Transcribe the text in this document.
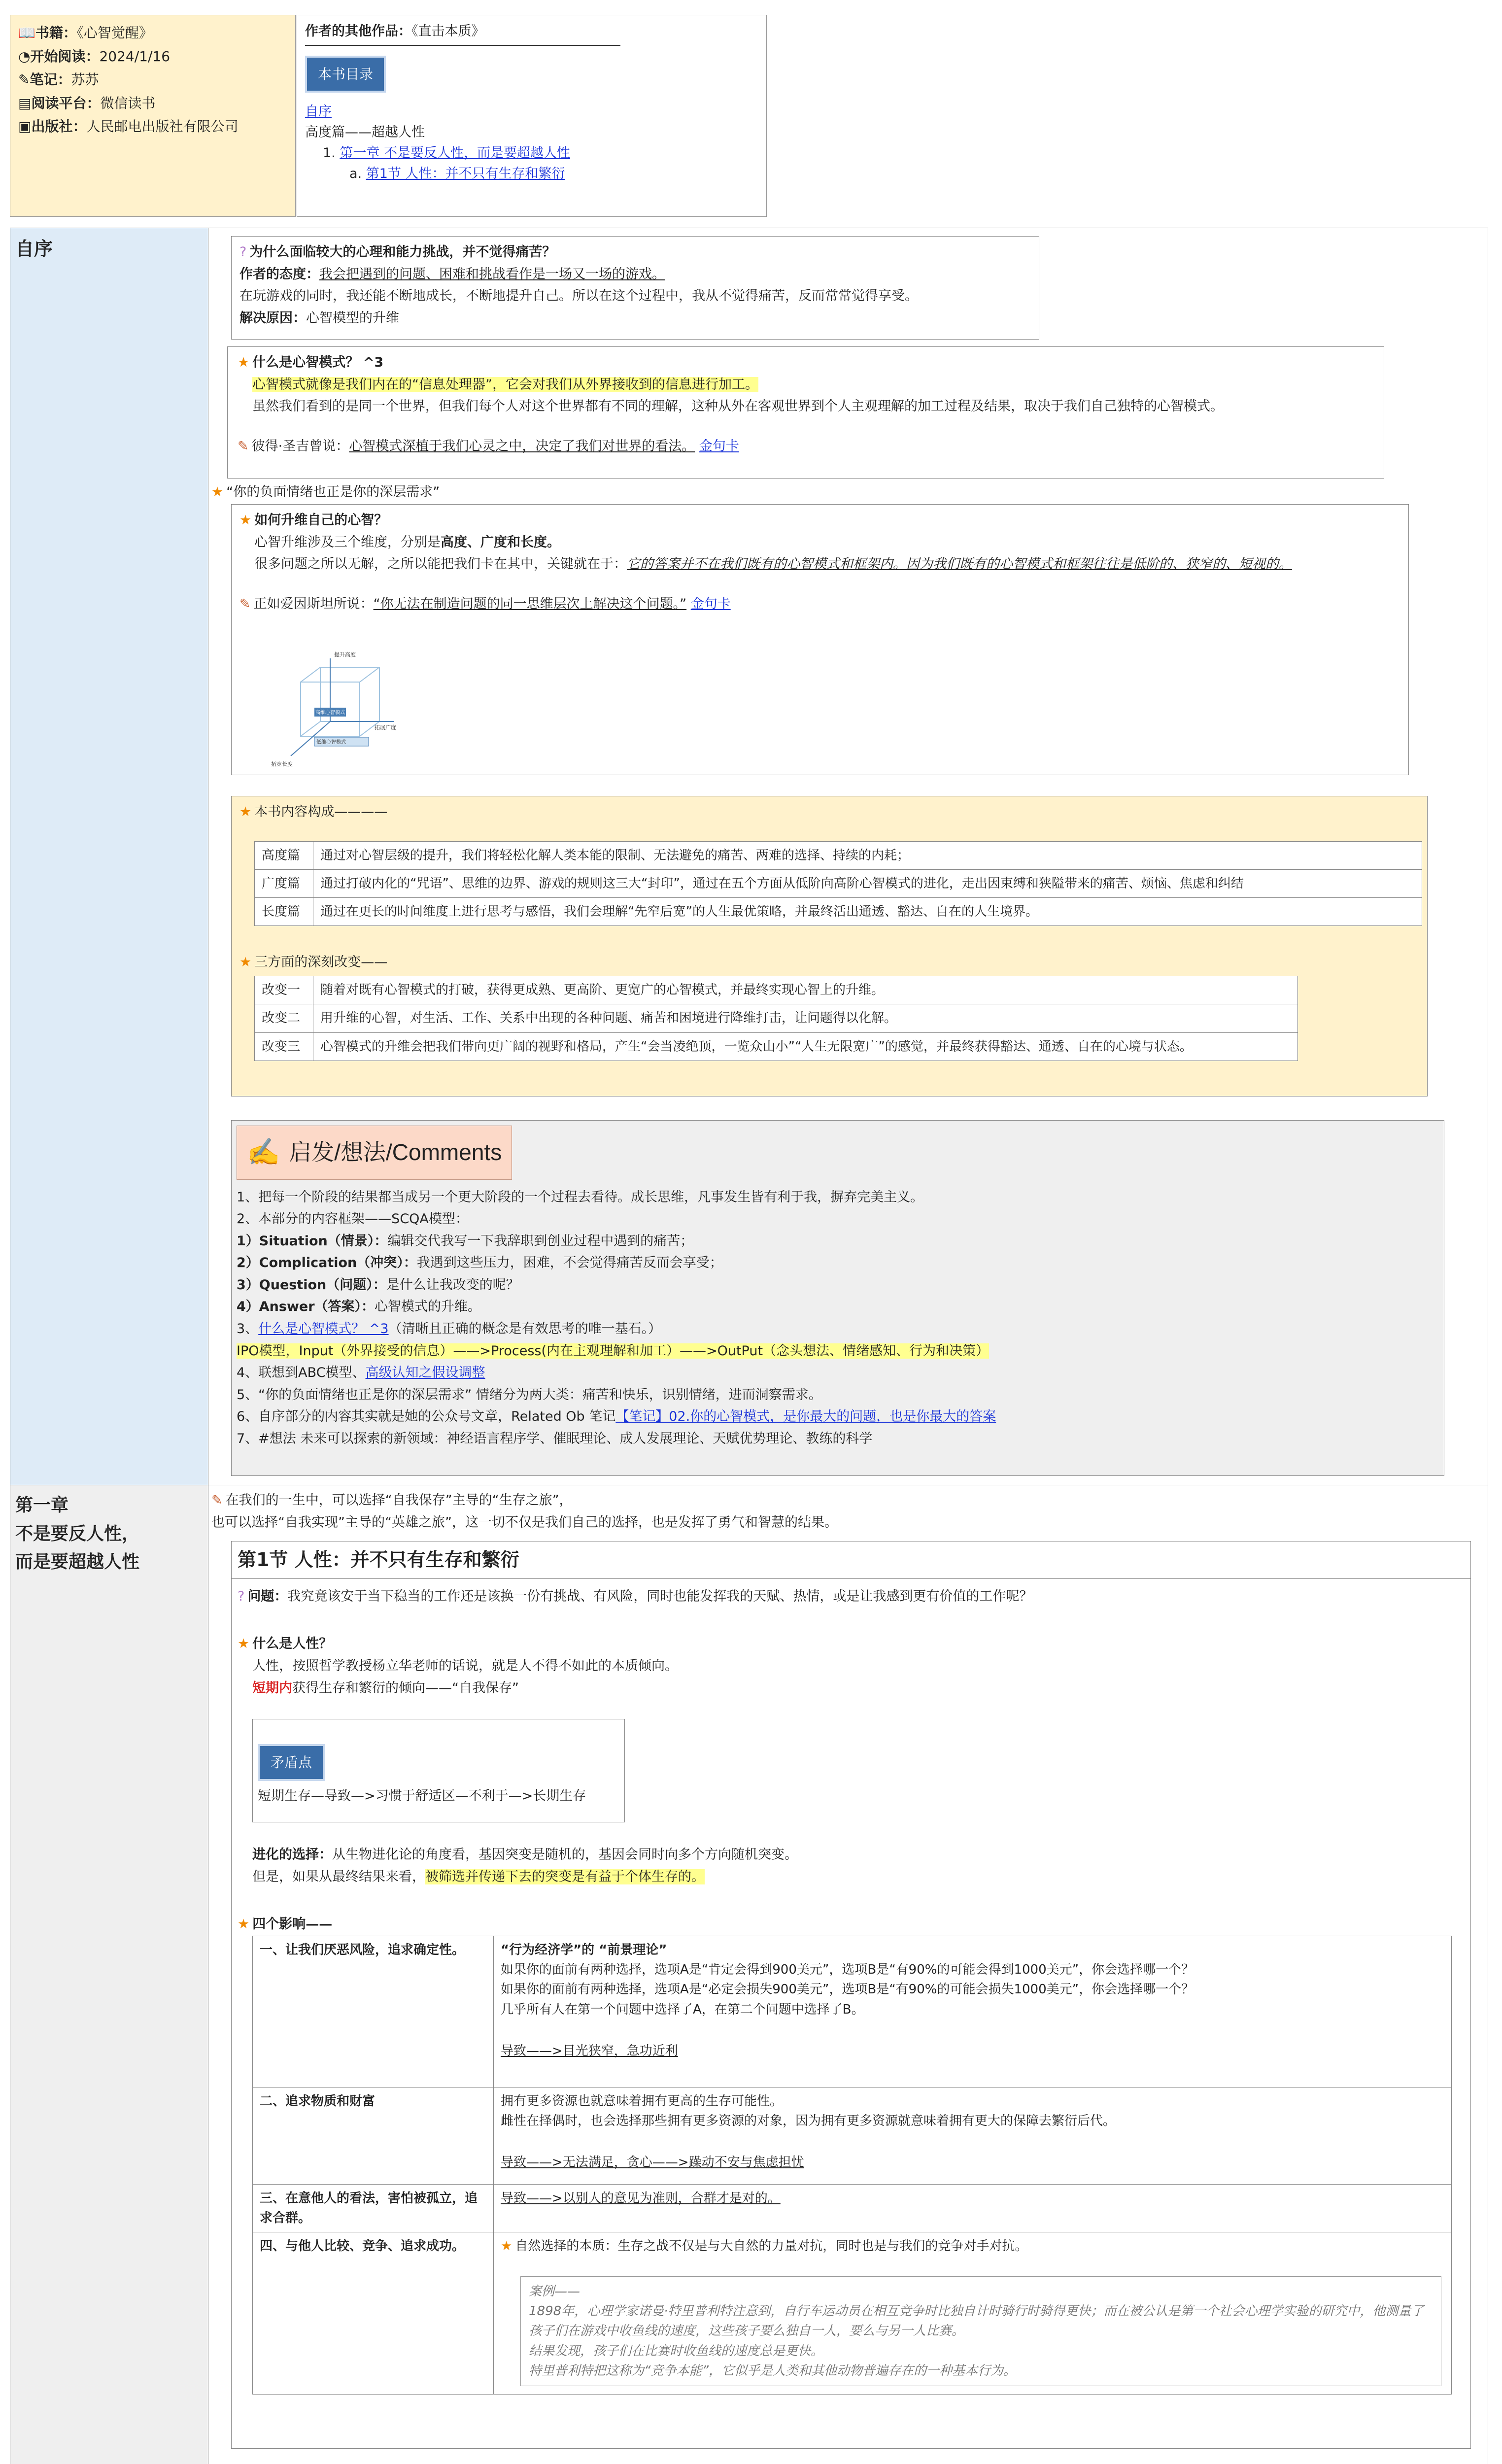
📖书籍：《心智觉醒》
◔开始阅读：2024/1/16
✎笔记：苏苏
▤阅读平台：微信读书
▣出版社：人民邮电出版社有限公司
作者的其他作品：《直击本质》
本书目录
自序
高度篇——超越人性
1. 第一章 不是要反人性，而是要超越人性
a. 第1节 人性：并不只有生存和繁衍
自序	? 为什么面临较大的心理和能力挑战，并不觉得痛苦？
作者的态度：我会把遇到的问题、困难和挑战看作是一场又一场的游戏。
在玩游戏的同时，我还能不断地成长，不断地提升自己。所以在这个过程中，我从不觉得痛苦，反而常常觉得享受。
解决原因：心智模型的升维
★ 什么是心智模式？ ^3
心智模式就像是我们内在的“信息处理器”，它会对我们从外界接收到的信息进行加工。
虽然我们看到的是同一个世界，但我们每个人对这个世界都有不同的理解，这种从外在客观世界到个人主观理解的加工过程及结果，取决于我们自己独特的心智模式。
✎ 彼得·圣吉曾说：心智模式深植于我们心灵之中，决定了我们对世界的看法。 金句卡
★ “你的负面情绪也正是你的深层需求”
★ 如何升维自己的心智？
心智升维涉及三个维度，分别是高度、广度和长度。
很多问题之所以无解，之所以能把我们卡在其中，关键就在于：它的答案并不在我们既有的心智模式和框架内。因为我们既有的心智模式和框架往往是低阶的、狭窄的、短视的。
✎ 正如爱因斯坦所说：“你无法在制造问题的同一思维层次上解决这个问题。” 金句卡
提升高度
拓展广度
拓宽长度
高维心智模式
低维心智模式
★ 本书内容构成————
高度篇	通过对心智层级的提升，我们将轻松化解人类本能的限制、无法避免的痛苦、两难的选择、持续的内耗；
广度篇	通过打破内化的“咒语”、思维的边界、游戏的规则这三大“封印”，通过在五个方面从低阶向高阶心智模式的进化，走出因束缚和狭隘带来的痛苦、烦恼、焦虑和纠结
长度篇	通过在更长的时间维度上进行思考与感悟，我们会理解“先窄后宽”的人生最优策略，并最终活出通透、豁达、自在的人生境界。
★ 三方面的深刻改变——
改变一	随着对既有心智模式的打破，获得更成熟、更高阶、更宽广的心智模式，并最终实现心智上的升维。
改变二	用升维的心智，对生活、工作、关系中出现的各种问题、痛苦和困境进行降维打击，让问题得以化解。
改变三	心智模式的升维会把我们带向更广阔的视野和格局，产生“会当凌绝顶，一览众山小”“人生无限宽广”的感觉，并最终获得豁达、通透、自在的心境与状态。
✍ 启发/想法/Comments
1、把每一个阶段的结果都当成另一个更大阶段的一个过程去看待。成长思维，凡事发生皆有利于我，摒弃完美主义。
2、本部分的内容框架——SCQA模型：
1）Situation（情景）：编辑交代我写一下我辞职到创业过程中遇到的痛苦；
2）Complication（冲突）：我遇到这些压力，困难，不会觉得痛苦反而会享受；
3）Question（问题）：是什么让我改变的呢？
4）Answer（答案）：心智模式的升维。
3、什么是心智模式？ ^3（清晰且正确的概念是有效思考的唯一基石。）
IPO模型，Input（外界接受的信息）——>Process(内在主观理解和加工）——>OutPut（念头想法、情绪感知、行为和决策）
4、联想到ABC模型、高级认知之假设调整
5、“你的负面情绪也正是你的深层需求” 情绪分为两大类：痛苦和快乐，识别情绪，进而洞察需求。
6、自序部分的内容其实就是她的公众号文章，Related Ob 笔记【笔记】02.你的心智模式，是你最大的问题，也是你最大的答案
7、#想法 未来可以探索的新领域：神经语言程序学、催眠理论、成人发展理论、天赋优势理论、教练的科学
第一章
不是要反人性，
而是要超越人性
✎ 在我们的一生中，可以选择“自我保存”主导的“生存之旅”，
也可以选择“自我实现”主导的“英雄之旅”，这一切不仅是我们自己的选择，也是发挥了勇气和智慧的结果。
第1节 人性：并不只有生存和繁衍
? 问题：我究竟该安于当下稳当的工作还是该换一份有挑战、有风险，同时也能发挥我的天赋、热情，或是让我感到更有价值的工作呢？
★ 什么是人性？
人性，按照哲学教授杨立华老师的话说，就是人不得不如此的本质倾向。
短期内获得生存和繁衍的倾向——“自我保存”
矛盾点
短期生存—导致—>习惯于舒适区—不利于—>长期生存
进化的选择：从生物进化论的角度看，基因突变是随机的，基因会同时向多个方向随机突变。
但是，如果从最终结果来看，被筛选并传递下去的突变是有益于个体生存的。
★ 四个影响——
一、让我们厌恶风险，追求确定性。	“行为经济学”的 “前景理论”
如果你的面前有两种选择，选项A是“肯定会得到900美元”，选项B是“有90%的可能会得到1000美元”，你会选择哪一个？
如果你的面前有两种选择，选项A是“必定会损失900美元”，选项B是“有90%的可能会损失1000美元”，你会选择哪一个？
几乎所有人在第一个问题中选择了A，在第二个问题中选择了B。
导致——>目光狭窄，急功近利

二、追求物质和财富	拥有更多资源也就意味着拥有更高的生存可能性。
雌性在择偶时，也会选择那些拥有更多资源的对象，因为拥有更多资源就意味着拥有更大的保障去繁衍后代。
导致——>无法满足，贪心——>躁动不安与焦虑担忧

三、在意他人的看法，害怕被孤立，追求合群。	导致——>以别人的意见为准则，合群才是对的。

四、与他人比较、竞争、追求成功。	★ 自然选择的本质：生存之战不仅是与大自然的力量对抗，同时也是与我们的竞争对手对抗。
案例——
1898年，心理学家诺曼·特里普利特注意到，自行车运动员在相互竞争时比独自计时骑行时骑得更快；而在被公认是第一个社会心理学实验的研究中，他测量了孩子们在游戏中收鱼线的速度，这些孩子要么独自一人，要么与另一人比赛。
结果发现，孩子们在比赛时收鱼线的速度总是更快。
特里普利特把这称为“竞争本能”，它似乎是人类和其他动物普遍存在的一种基本行为。
